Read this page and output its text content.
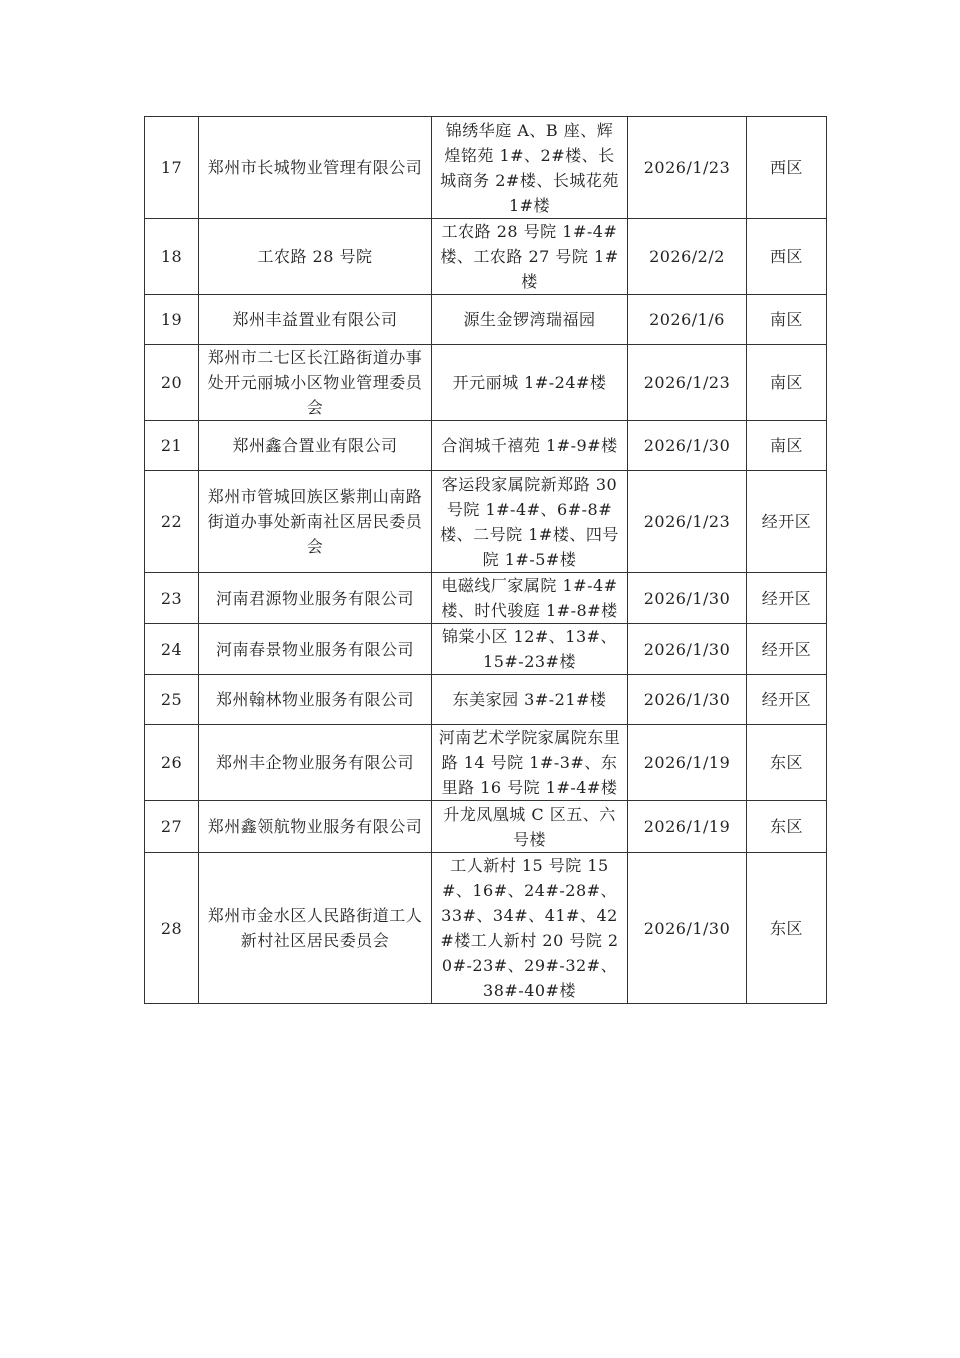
17	郑州市长城物业管理有限公司	锦绣华庭 A、B 座、辉煌铭苑 1#、2#楼、长城商务 2#楼、长城花苑 1#楼	2026/1/23	西区
18	工农路 28 号院	工农路 28 号院 1#-4#楼、工农路 27 号院 1#楼	2026/2/2	西区
19	郑州丰益置业有限公司	源生金锣湾瑞福园	2026/1/6	南区
20	郑州市二七区长江路街道办事处开元丽城小区物业管理委员会	开元丽城 1#-24#楼	2026/1/23	南区
21	郑州鑫合置业有限公司	合润城千禧苑 1#-9#楼	2026/1/30	南区
22	郑州市管城回族区紫荆山南路街道办事处新南社区居民委员会	客运段家属院新郑路 30 号院 1#-4#、6#-8#楼、二号院 1#楼、四号院 1#-5#楼	2026/1/23	经开区
23	河南君源物业服务有限公司	电磁线厂家属院 1#-4#楼、时代骏庭 1#-8#楼	2026/1/30	经开区
24	河南春景物业服务有限公司	锦棠小区 12#、13#、15#-23#楼	2026/1/30	经开区
25	郑州翰林物业服务有限公司	东美家园 3#-21#楼	2026/1/30	经开区
26	郑州丰企物业服务有限公司	河南艺术学院家属院东里路 14 号院 1#-3#、东里路 16 号院 1#-4#楼	2026/1/19	东区
27	郑州鑫领航物业服务有限公司	升龙凤凰城 C 区五、六号楼	2026/1/19	东区
28	郑州市金水区人民路街道工人新村社区居民委员会	工人新村 15 号院 15#、16#、24#-28#、33#、34#、41#、42#楼工人新村 20 号院 20#-23#、29#-32#、38#-40#楼	2026/1/30	东区
